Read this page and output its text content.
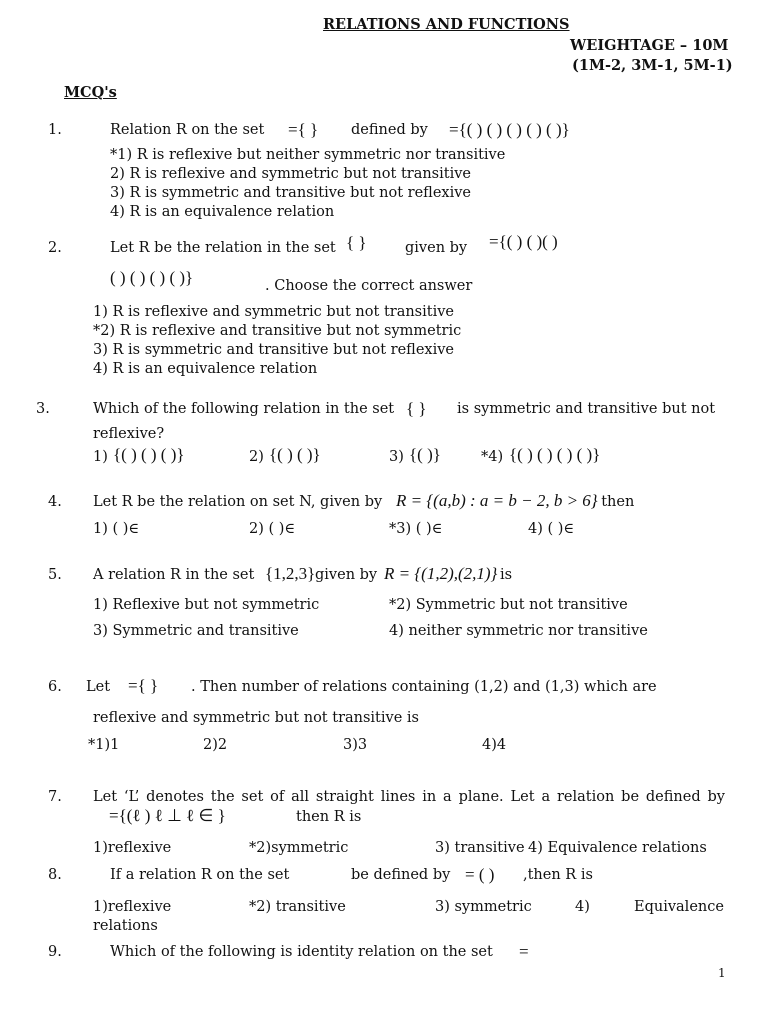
RELATIONS AND FUNCTIONS
WEIGHTAGE – 10M
(1M-2, 3M-1, 5M-1)
MCQ's
1.	Relation R on the set ={ } defined by ={( ) ( ) ( ) ( ) ( )}
*1) R is reflexive but neither symmetric nor transitive
2) R is reflexive and symmetric but not transitive
3) R is symmetric and transitive but not reflexive
4) R is an equivalence relation
2.	Let R be the relation in the set { }	given by ={( ) ( )( )
( ) ( ) ( ) ( )}	. Choose the correct answer
1) R is reflexive and symmetric but not transitive
*2) R is reflexive and transitive but not symmetric
3) R is symmetric and transitive but not reflexive
4) R is an equivalence relation
3.	Which of the following relation in the set { } is symmetric and transitive but not
reflexive?
1) {( ) ( ) ( )}	2) {( ) ( )}	3) {( )}	*4) {( ) ( ) ( ) ( )}
4. Let R be the relation on set N, given by R = {(a,b) : a = b − 2, b > 6}
, then
1) ( )∈	2) ( )∈	*3) ( )∈	4) ( )∈
5. A relation R in the set {1,2,3} given by R = {(1,2),(2,1)} is
1) Reflexive but not symmetric	*2) Symmetric but not transitive
3) Symmetric and transitive	4) neither symmetric nor transitive
6. Let ={ } . Then number of relations containing (1,2) and (1,3) which are
reflexive and symmetric but not transitive is
*1)1	2)2	3)3	4)4
7. Let ‘L’ denotes the set of all straight lines in a plane. Let a relation be defined by
={(ℓ ) ℓ ⊥ ℓ ∈ }	then R is
1)reflexive	*2)symmetric	3) transitive 4) Equivalence relations
8.	If a relation R on the set	be defined by = ( ) ,then R is
1)reflexive	*2) transitive	3) symmetric	4)	Equivalence
relations
9.	Which of the following is identity relation on the set =
1
